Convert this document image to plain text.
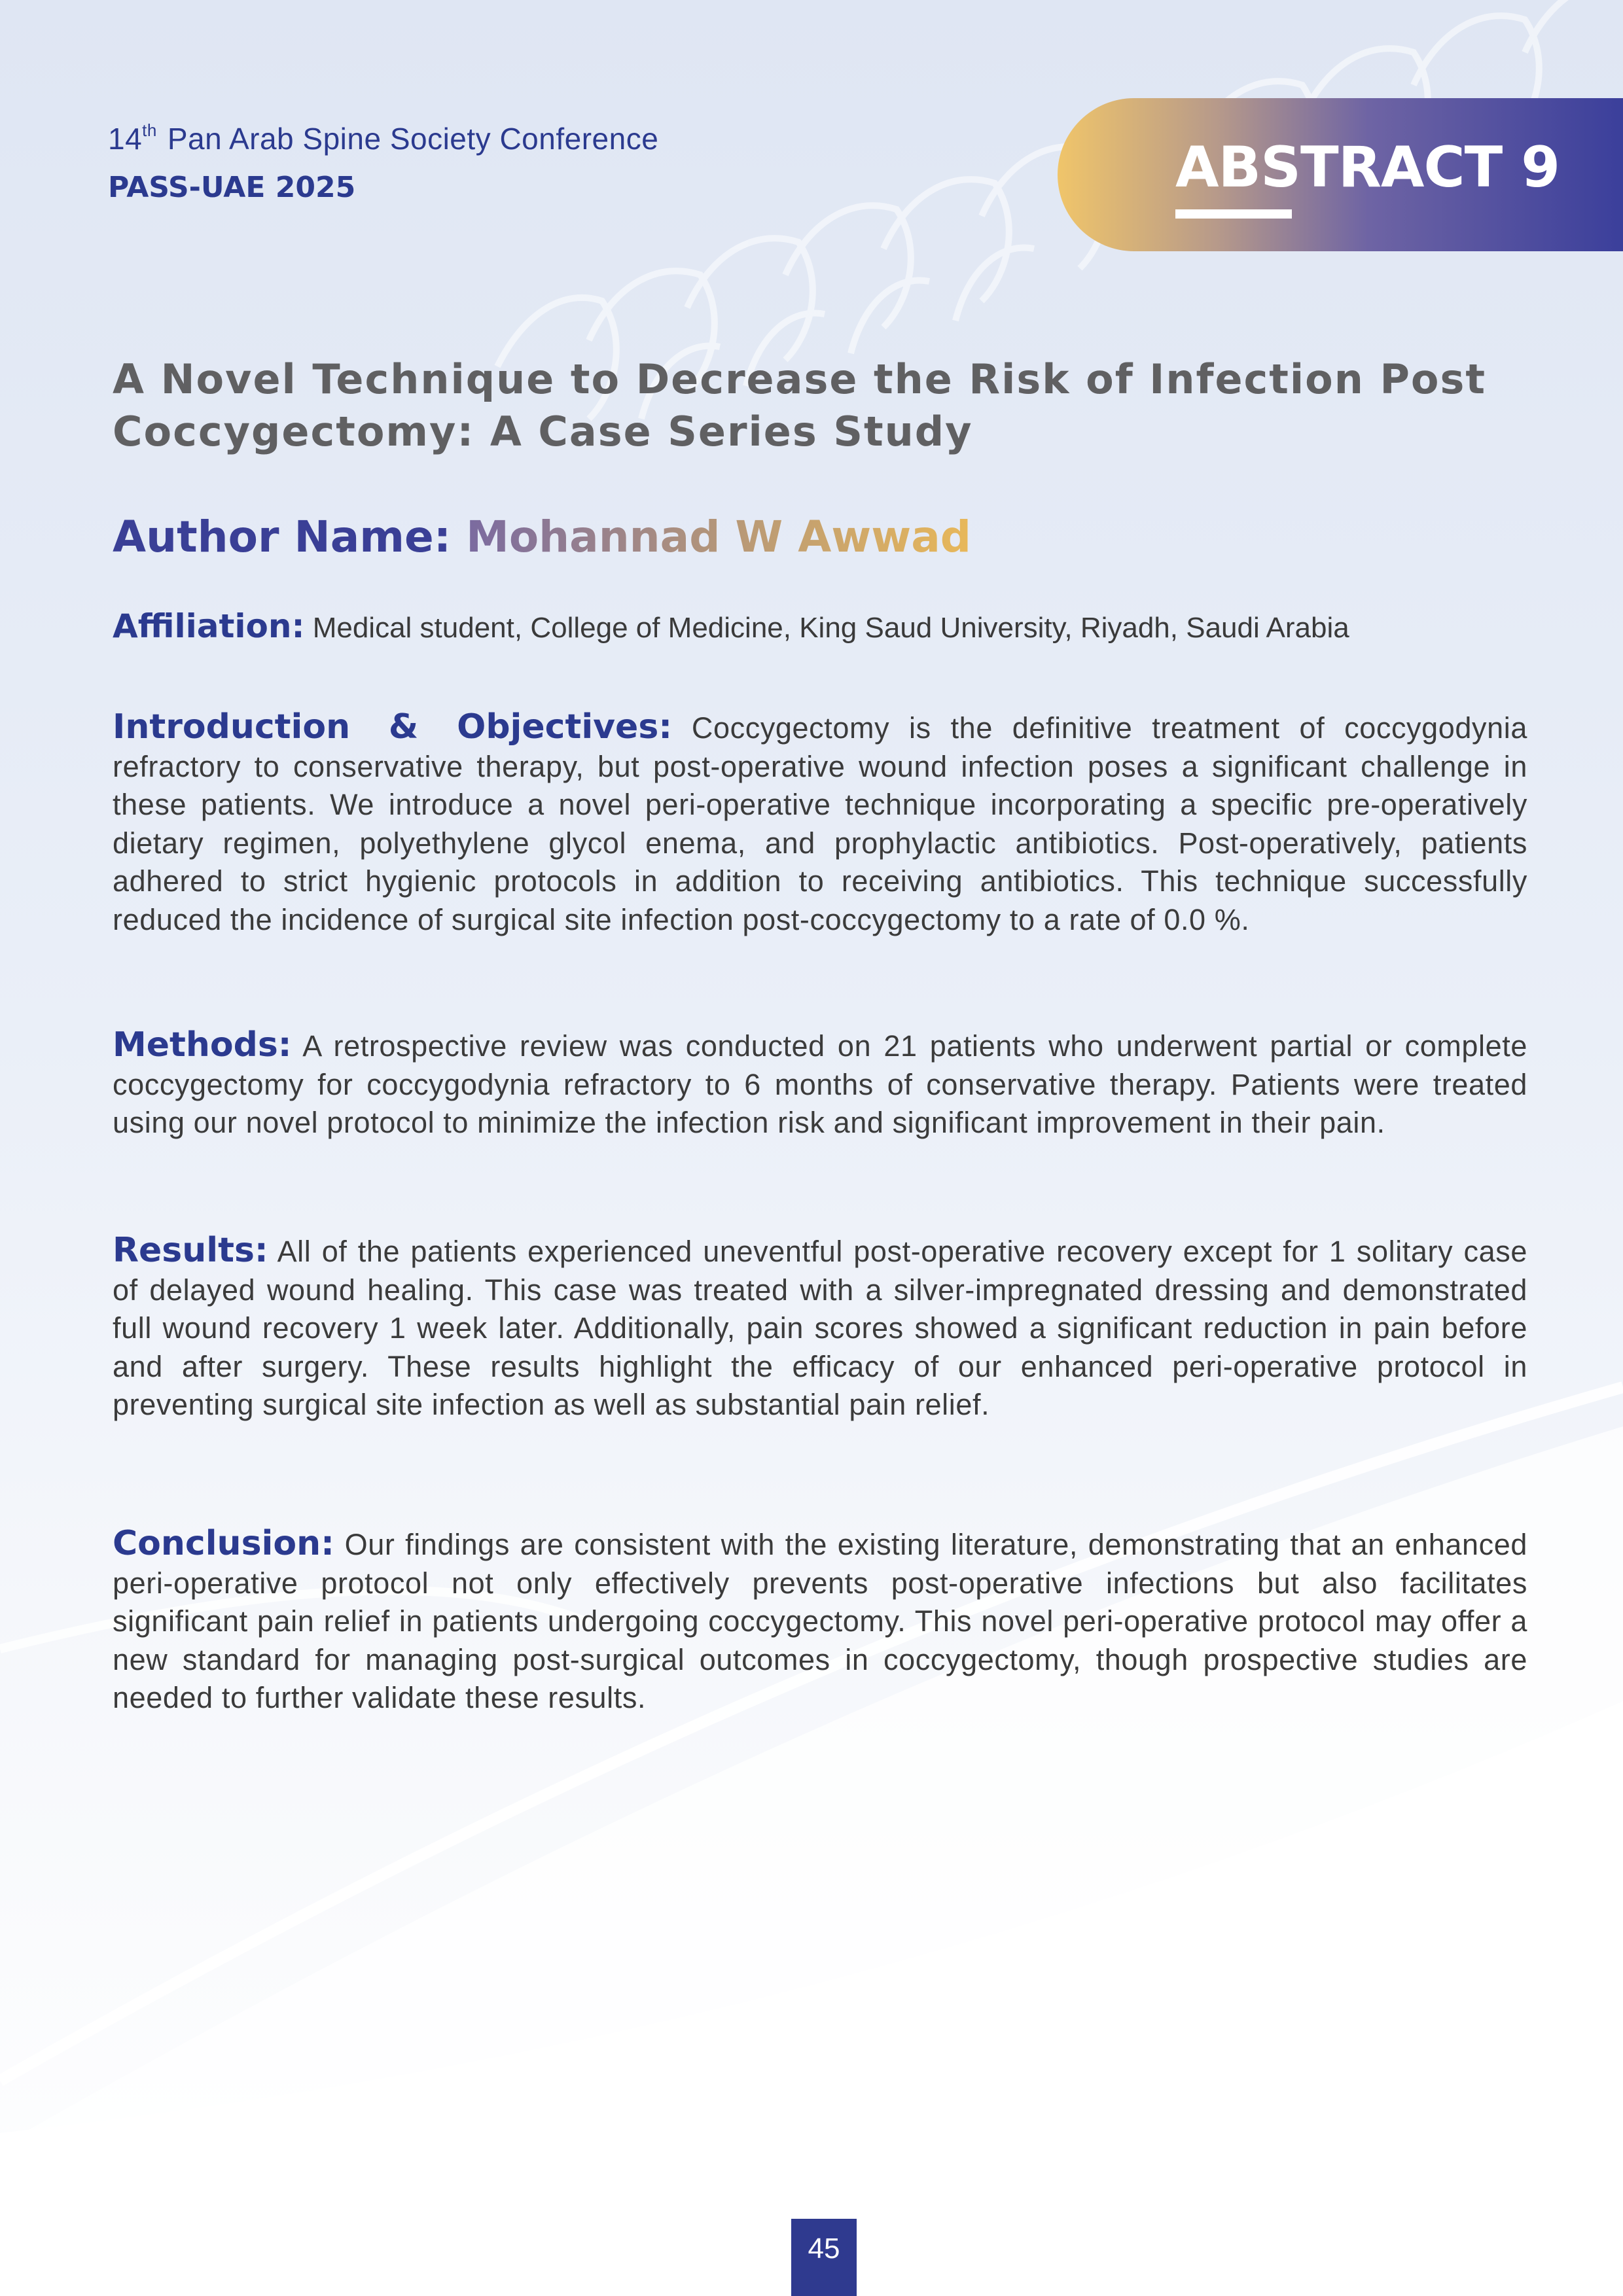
14th Pan Arab Spine Society Conference
PASS-UAE 2025	ABSTRACT 9
A Novel Technique to Decrease the Risk of Infection Post Coccygectomy: A Case Series Study
Author Name: Mohannad W Awwad
Affiliation: Medical student, College of Medicine, King Saud University, Riyadh, Saudi Arabia
Introduction & Objectives: Coccygectomy is the definitive treatment of coccygodynia refractory to conservative therapy, but post-operative wound infection poses a significant challenge in these patients. We introduce a novel peri-operative technique incorporating a specific pre-operatively dietary regimen, polyethylene glycol enema, and prophylactic antibiotics. Post-operatively, patients adhered to strict hygienic protocols in addition to receiving antibiotics. This technique successfully reduced the incidence of surgical site infection post-coccygectomy to a rate of 0.0 %.
Methods: A retrospective review was conducted on 21 patients who underwent partial or complete coccygectomy for coccygodynia refractory to 6 months of conservative therapy. Patients were treated using our novel protocol to minimize the infection risk and significant improvement in their pain.
Results: All of the patients experienced uneventful post-operative recovery except for 1 solitary case of delayed wound healing. This case was treated with a silver-impregnated dressing and demonstrated full wound recovery 1 week later. Additionally, pain scores showed a significant reduction in pain before and after surgery. These results highlight the efficacy of our enhanced peri-operative protocol in preventing surgical site infection as well as substantial pain relief.
Conclusion: Our findings are consistent with the existing literature, demonstrating that an enhanced peri-operative protocol not only effectively prevents post-operative infections but also facilitates significant pain relief in patients undergoing coccygectomy. This novel peri-operative protocol may offer a new standard for managing post-surgical outcomes in coccygectomy, though prospective studies are needed to further validate these results.
45
